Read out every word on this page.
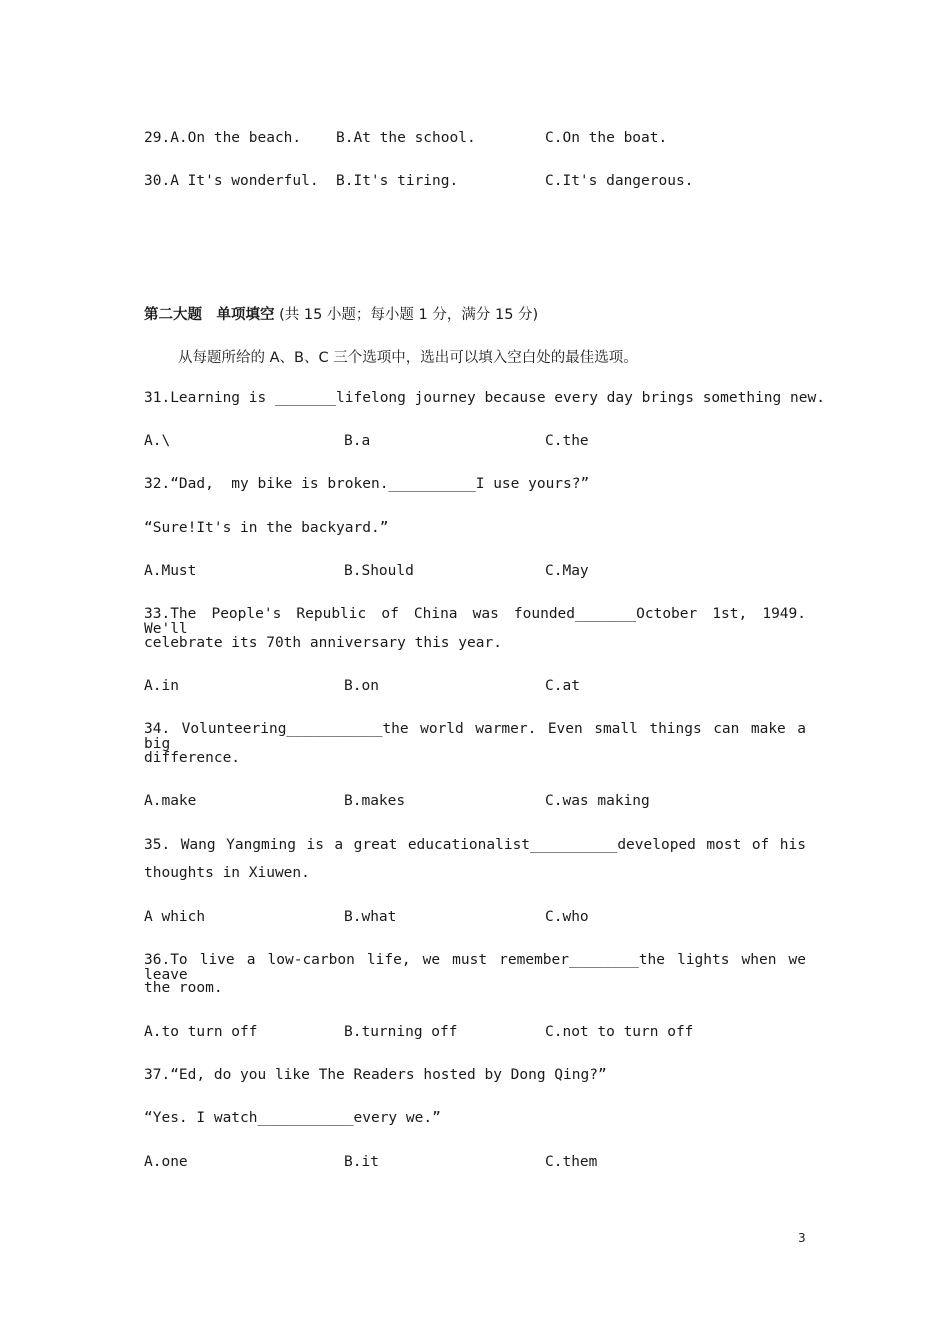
29.A.On the beach. B.At the school.	C.On the boat.
30.A It's wonderful. B.It's tiring.	C.It's dangerous.
第二大题　单项填空 (共 15 小题；每小题 1 分，满分 15 分)
从每题所给的 A、B、C 三个选项中，选出可以填入空白处的最佳选项。
31.Learning is _______lifelong journey because every day brings something new.
A.\	B.a	C.the
32.“Dad,  my bike is broken.__________I use yours?”
“Sure!It's in the backyard.”
A.Must	B.Should	C.May
33.The People's Republic of China was founded_______October 1st, 1949. We'll
celebrate its 70th anniversary this year.
A.in	B.on	C.at
34. Volunteering___________the world warmer. Even small things can make a big
difference.
A.make	B.makes	C.was making
35. Wang Yangming is a great educationalist__________developed most of his
thoughts in Xiuwen.
A which	B.what	C.who
36.To live a low-carbon life, we must remember________the lights when we leave
the room.
A.to turn off	B.turning off	C.not to turn off
37.“Ed, do you like The Readers hosted by Dong Qing?”
“Yes. I watch___________every we.”
A.one	B.it	C.them
3
